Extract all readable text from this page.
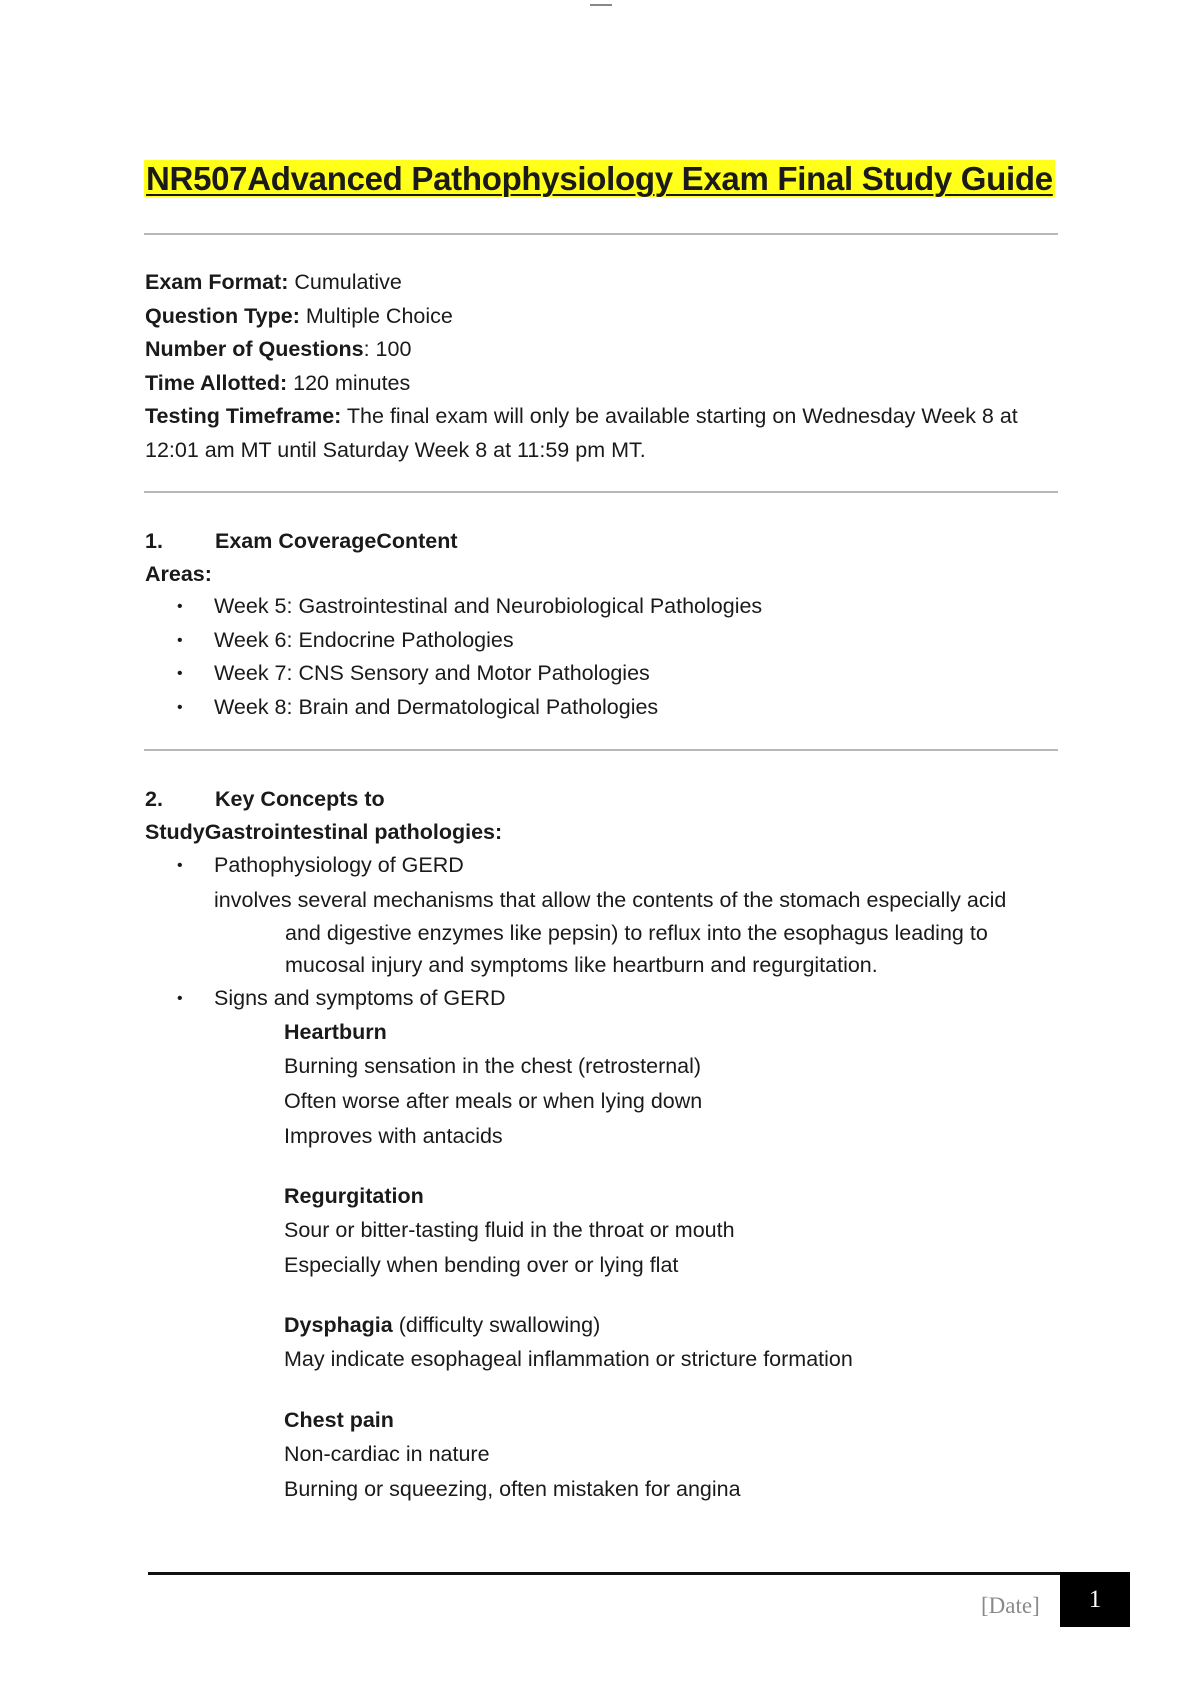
NR507Advanced Pathophysiology Exam Final Study Guide
Exam Format: Cumulative
Question Type: Multiple Choice
Number of Questions: 100
Time Allotted: 120 minutes
Testing Timeframe: The final exam will only be available starting on Wednesday Week 8 at
12:01 am MT until Saturday Week 8 at 11:59 pm MT.
1. Exam CoverageContent
Areas:
• Week 5: Gastrointestinal and Neurobiological Pathologies
• Week 6: Endocrine Pathologies
• Week 7: CNS Sensory and Motor Pathologies
• Week 8: Brain and Dermatological Pathologies
2. Key Concepts to
StudyGastrointestinal pathologies:
• Pathophysiology of GERD
involves several mechanisms that allow the contents of the stomach especially acid
and digestive enzymes like pepsin) to reflux into the esophagus leading to
mucosal injury and symptoms like heartburn and regurgitation.
• Signs and symptoms of GERD
Heartburn
Burning sensation in the chest (retrosternal)
Often worse after meals or when lying down
Improves with antacids
Regurgitation
Sour or bitter-tasting fluid in the throat or mouth
Especially when bending over or lying flat
Dysphagia (difficulty swallowing)
May indicate esophageal inflammation or stricture formation
Chest pain
Non-cardiac in nature
Burning or squeezing, often mistaken for angina
[Date]	1
